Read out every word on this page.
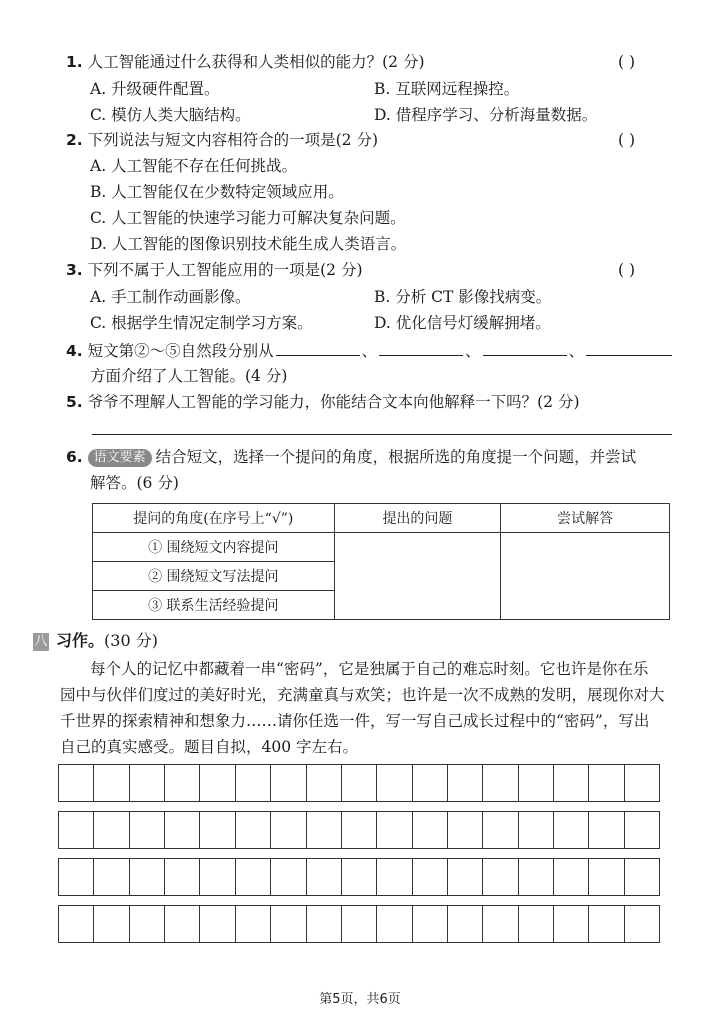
1. 人工智能通过什么获得和人类相似的能力？(2 分)	( )
A. 升级硬件配置。	B. 互联网远程操控。
C. 模仿人类大脑结构。	D. 借程序学习、分析海量数据。
2. 下列说法与短文内容相符合的一项是(2 分)	( )
A. 人工智能不存在任何挑战。
B. 人工智能仅在少数特定领域应用。
C. 人工智能的快速学习能力可解决复杂问题。
D. 人工智能的图像识别技术能生成人类语言。
3. 下列不属于人工智能应用的一项是(2 分)	( )
A. 手工制作动画影像。	B. 分析 CT 影像找病变。
C. 根据学生情况定制学习方案。	D. 优化信号灯缓解拥堵。
4. 短文第②～⑤自然段分别从	、	、	、
方面介绍了人工智能。(4 分)
5. 爷爷不理解人工智能的学习能力，你能结合文本向他解释一下吗？(2 分)
6. 语文要素 结合短文，选择一个提问的角度，根据所选的角度提一个问题，并尝试
解答。(6 分)
提问的角度(在序号上“√”)	提出的问题	尝试解答
① 围绕短文内容提问		
② 围绕短文写法提问		
③ 联系生活经验提问		
八 习作。(30 分)
每个人的记忆中都藏着一串“密码”，它是独属于自己的难忘时刻。它也许是你在乐
园中与伙伴们度过的美好时光，充满童真与欢笑；也许是一次不成熟的发明，展现你对大
千世界的探索精神和想象力……请你任选一件，写一写自己成长过程中的“密码”，写出
自己的真实感受。题目自拟，400 字左右。
第5页，共6页
